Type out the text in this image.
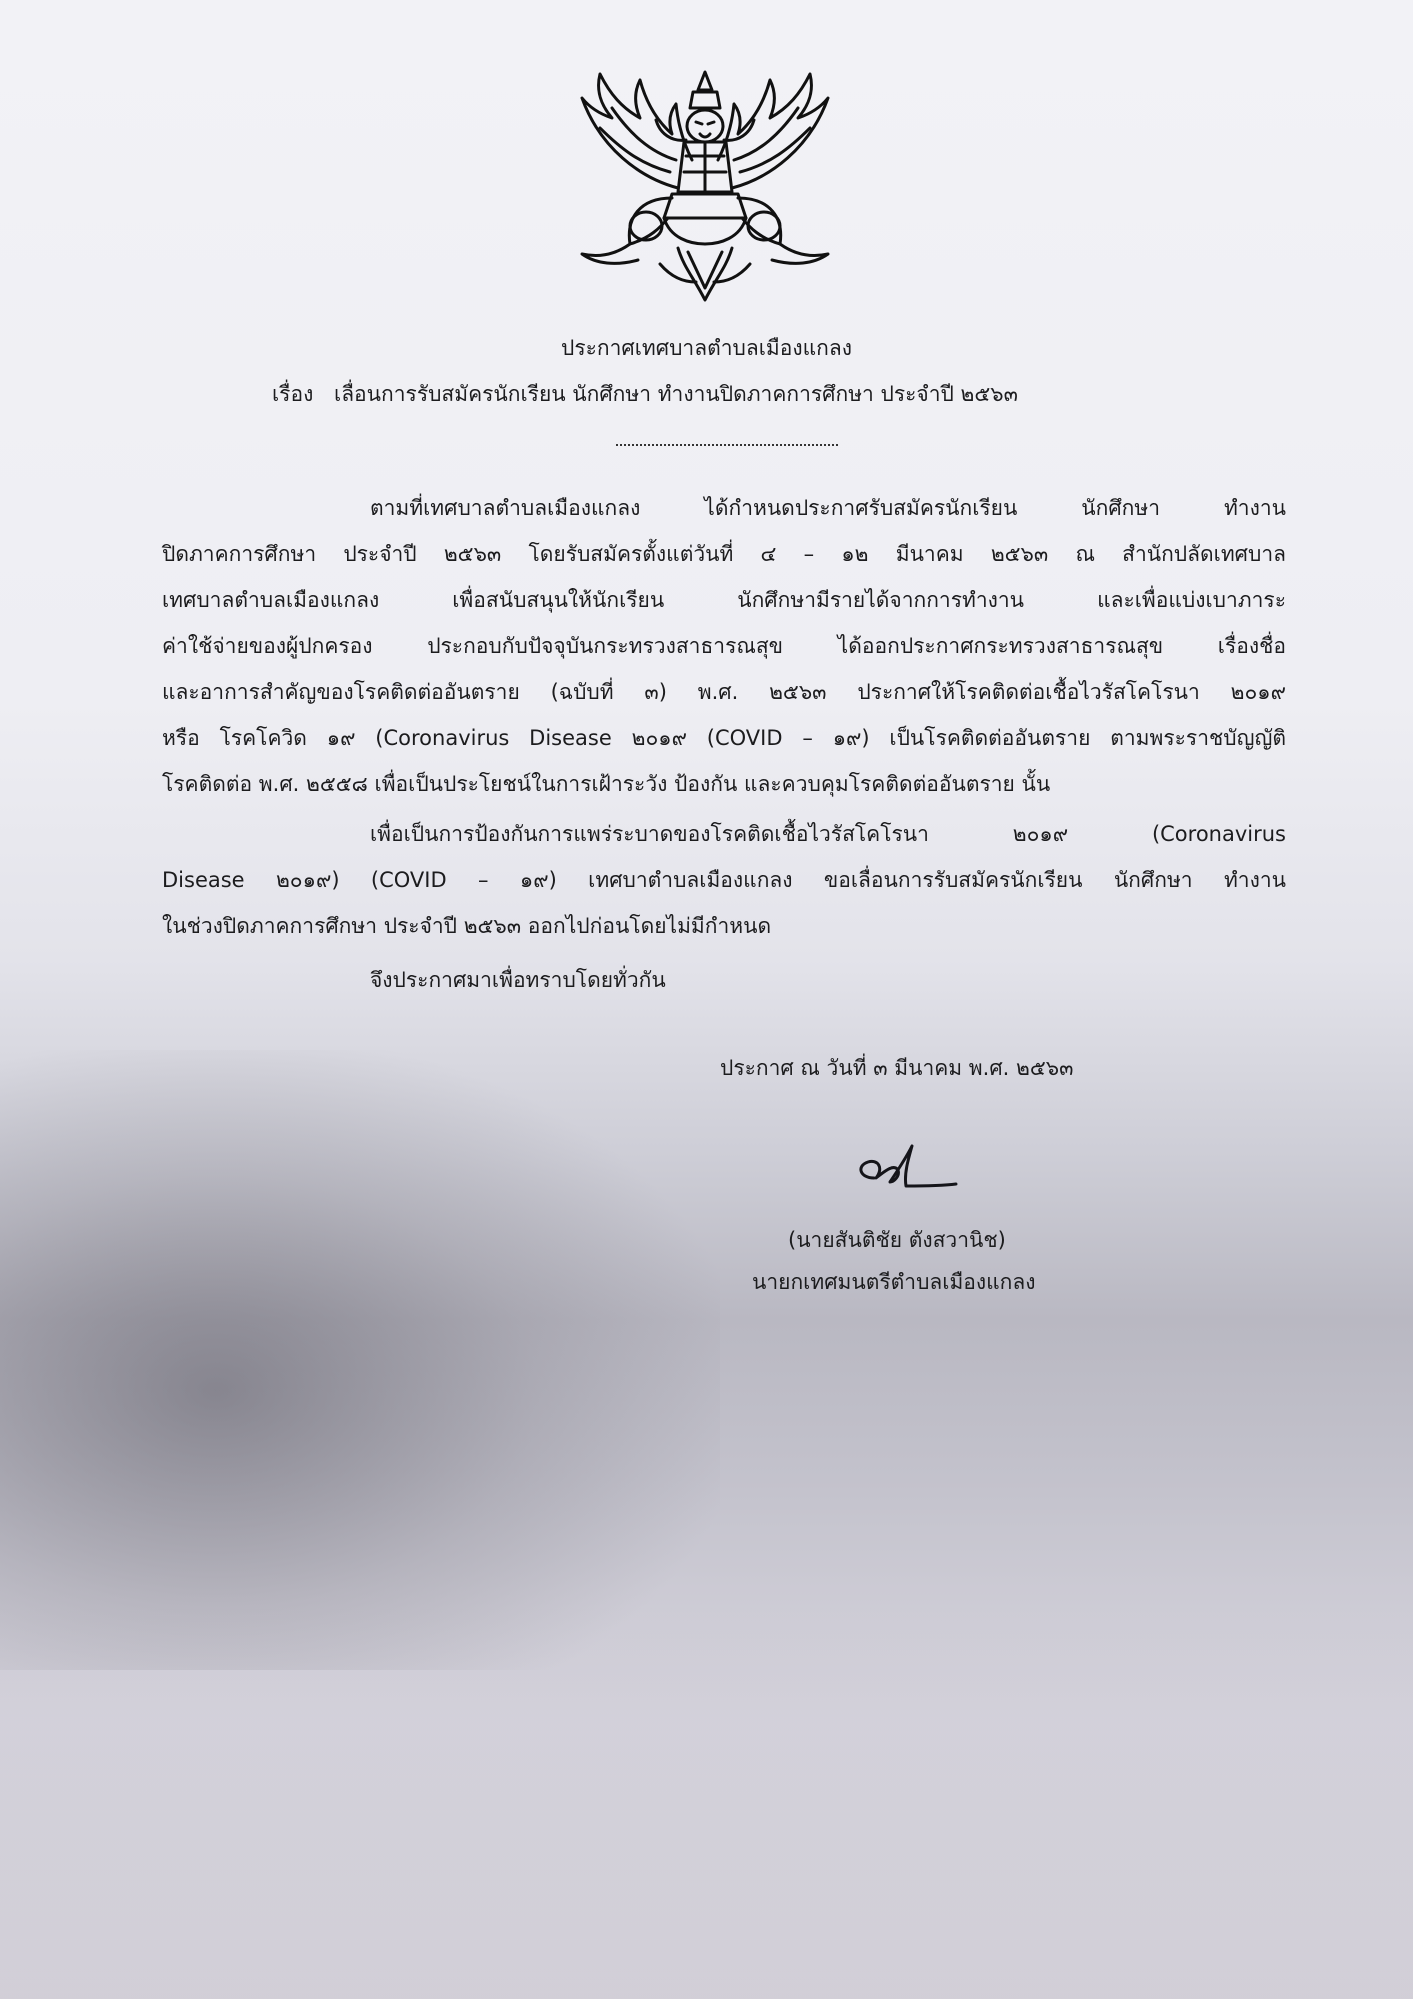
ประกาศเทศบาลตำบลเมืองแกลง

เรื่อง เลื่อนการรับสมัครนักเรียน นักศึกษา ทำงานปิดภาคการศึกษา ประจำปี ๒๕๖๓

ตามที่เทศบาลตำบลเมืองแกลง ได้กำหนดประกาศรับสมัครนักเรียน นักศึกษา ทำงาน

ปิดภาคการศึกษา ประจำปี ๒๕๖๓ โดยรับสมัครตั้งแต่วันที่ ๔ – ๑๒ มีนาคม ๒๕๖๓ ณ สำนักปลัดเทศบาล

เทศบาลตำบลเมืองแกลง เพื่อสนับสนุนให้นักเรียน นักศึกษามีรายได้จากการทำงาน และเพื่อแบ่งเบาภาระ

ค่าใช้จ่ายของผู้ปกครอง ประกอบกับปัจจุบันกระทรวงสาธารณสุข ได้ออกประกาศกระทรวงสาธารณสุข เรื่องชื่อ

และอาการสำคัญของโรคติดต่ออันตราย (ฉบับที่ ๓) พ.ศ. ๒๕๖๓ ประกาศให้โรคติดต่อเชื้อไวรัสโคโรนา ๒๐๑๙

หรือ โรคโควิด ๑๙ (Coronavirus Disease ๒๐๑๙ (COVID – ๑๙) เป็นโรคติดต่ออันตราย ตามพระราชบัญญัติ

โรคติดต่อ พ.ศ. ๒๕๕๘ เพื่อเป็นประโยชน์ในการเฝ้าระวัง ป้องกัน และควบคุมโรคติดต่ออันตราย นั้น

เพื่อเป็นการป้องกันการแพร่ระบาดของโรคติดเชื้อไวรัสโคโรนา ๒๐๑๙ (Coronavirus

Disease ๒๐๑๙) (COVID – ๑๙) เทศบาตำบลเมืองแกลง ขอเลื่อนการรับสมัครนักเรียน นักศึกษา ทำงาน

ในช่วงปิดภาคการศึกษา ประจำปี ๒๕๖๓ ออกไปก่อนโดยไม่มีกำหนด

จึงประกาศมาเพื่อทราบโดยทั่วกัน

ประกาศ ณ วันที่ ๓ มีนาคม พ.ศ. ๒๕๖๓

(นายสันติชัย ตังสวานิช)

นายกเทศมนตรีตำบลเมืองแกลง
